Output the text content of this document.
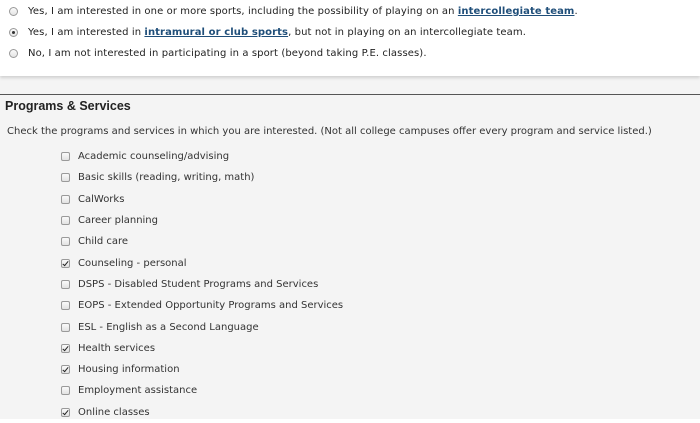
Yes, I am interested in one or more sports, including the possibility of playing on an intercollegiate team.
Yes, I am interested in intramural or club sports, but not in playing on an intercollegiate team.
No, I am not interested in participating in a sport (beyond taking P.E. classes).
Programs & Services
Check the programs and services in which you are interested. (Not all college campuses offer every program and service listed.)
Academic counseling/advising
Basic skills (reading, writing, math)
CalWorks
Career planning
Child care
Counseling - personal
DSPS - Disabled Student Programs and Services
EOPS - Extended Opportunity Programs and Services
ESL - English as a Second Language
Health services
Housing information
Employment assistance
Online classes
